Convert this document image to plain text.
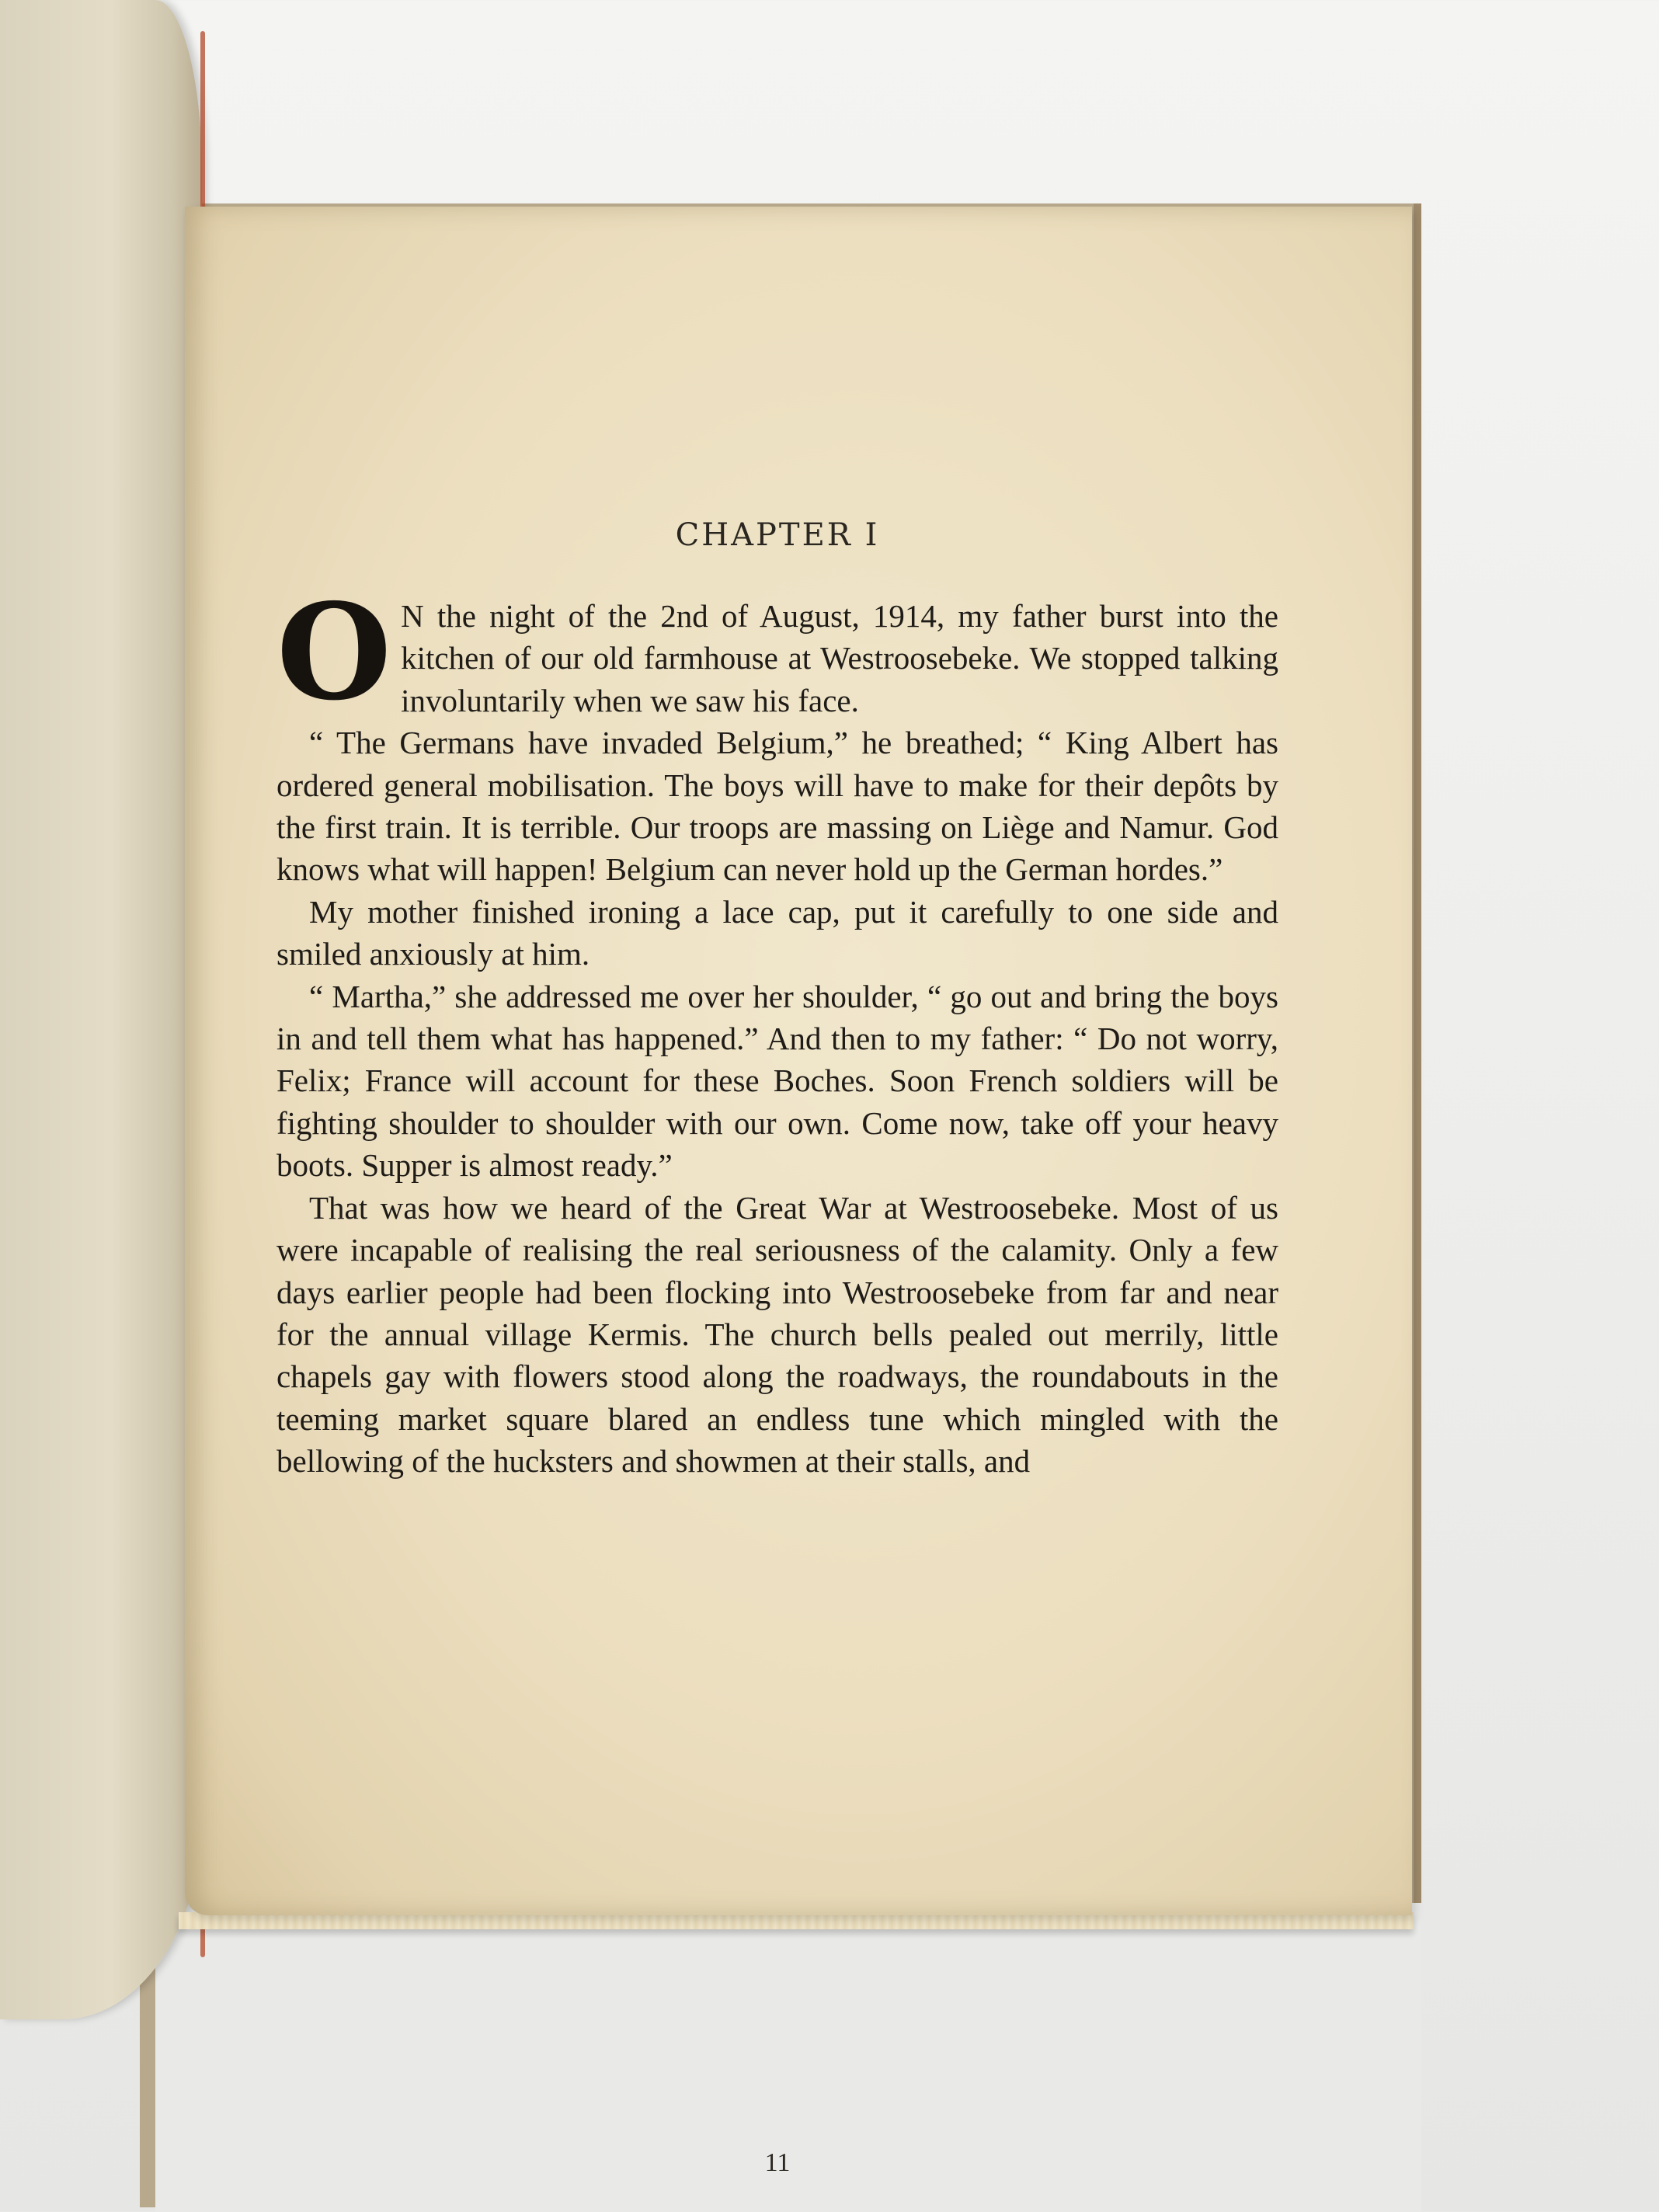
CHAPTER I

O N the night of the 2nd of August, 1914, my father burst into the kitchen of our old farmhouse at Westroosebeke. We stopped talking involuntarily when we saw his face.

“ The Germans have invaded Belgium,” he breathed; “ King Albert has ordered general mobilisation. The boys will have to make for their depôts by the first train. It is terrible. Our troops are massing on Liège and Namur. God knows what will happen! Belgium can never hold up the German hordes.”

My mother finished ironing a lace cap, put it carefully to one side and smiled anxiously at him.

“ Martha,” she addressed me over her shoulder, “ go out and bring the boys in and tell them what has happened.” And then to my father: “ Do not worry, Felix; France will account for these Boches. Soon French soldiers will be fighting shoulder to shoulder with our own. Come now, take off your heavy boots. Supper is almost ready.”

That was how we heard of the Great War at Westroosebeke. Most of us were incapable of realising the real seriousness of the calamity. Only a few days earlier people had been flocking into Westroosebeke from far and near for the annual village Kermis. The church bells pealed out merrily, little chapels gay with flowers stood along the roadways, the roundabouts in the teeming market square blared an endless tune which mingled with the bellowing of the hucksters and showmen at their stalls, and

11
